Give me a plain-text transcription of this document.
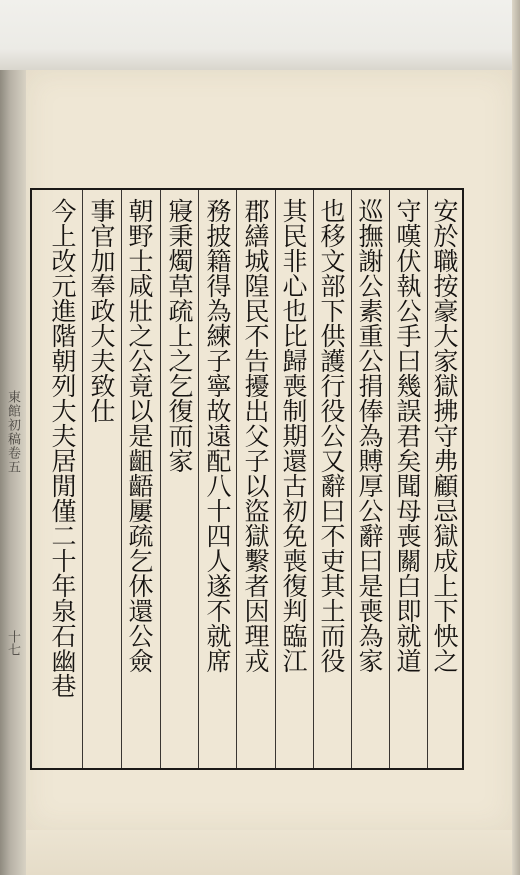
東館初稿卷五
十七	安於職按豪大家獄拂守弗顧忌獄成上下怏之
守嘆伏執公手曰幾誤君矣聞母喪關白即就道
巡撫謝公素重公捐俸為賻厚公辭曰是喪為家
也移文部下供護行役公又辭曰不吏其土而役
其民非心也比歸喪制期還古初免喪復判臨江
郡繕城隍民不告擾出父子以盜獄繫者因理戎
務披籍得為練子寧故遠配八十四人遂不就席
寢秉燭草疏上之乞復而家
朝野士咸壯之公竟以是齟齬屢疏乞休還公僉
事官加奉政大夫致仕
今上改元進階朝列大夫居閒僅二十年泉石幽巷
